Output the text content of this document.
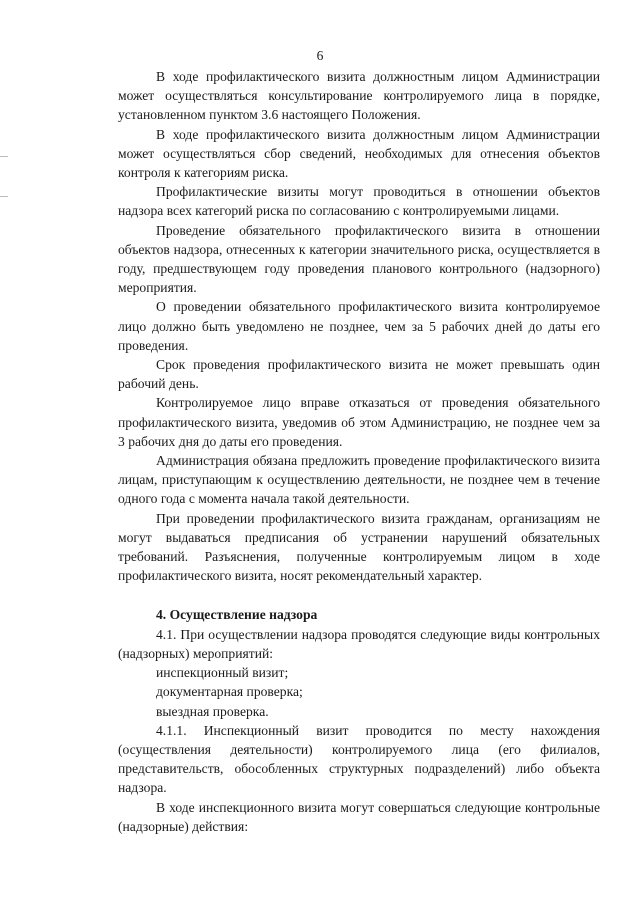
6

В ходе профилактического визита должностным лицом Администрации может осуществляться консультирование контролируемого лица в порядке, установленном пунктом 3.6 настоящего Положения.

В ходе профилактического визита должностным лицом Администрации может осуществляться сбор сведений, необходимых для отнесения объектов контроля к категориям риска.

Профилактические визиты могут проводиться в отношении объектов надзора всех категорий риска по согласованию с контролируемыми лицами.

Проведение обязательного профилактического визита в отношении объектов надзора, отнесенных к категории значительного риска, осуществляется в году, предшествующем году проведения планового контрольного (надзорного) мероприятия.

О проведении обязательного профилактического визита контролируемое лицо должно быть уведомлено не позднее, чем за 5 рабочих дней до даты его проведения.

Срок проведения профилактического визита не может превышать один рабочий день.

Контролируемое лицо вправе отказаться от проведения обязательного профилактического визита, уведомив об этом Администрацию, не позднее чем за 3 рабочих дня до даты его проведения.

Администрация обязана предложить проведение профилактического визита лицам, приступающим к осуществлению деятельности, не позднее чем в течение одного года с момента начала такой деятельности.

При проведении профилактического визита гражданам, организациям не могут выдаваться предписания об устранении нарушений обязательных требований. Разъяснения, полученные контролируемым лицом в ходе профилактического визита, носят рекомендательный характер.

4. Осуществление надзора

4.1. При осуществлении надзора проводятся следующие виды контрольных (надзорных) мероприятий:

инспекционный визит;

документарная проверка;

выездная проверка.

4.1.1. Инспекционный визит проводится по месту нахождения (осуществления деятельности) контролируемого лица (его филиалов, представительств, обособленных структурных подразделений) либо объекта надзора.

В ходе инспекционного визита могут совершаться следующие контрольные (надзорные) действия:
